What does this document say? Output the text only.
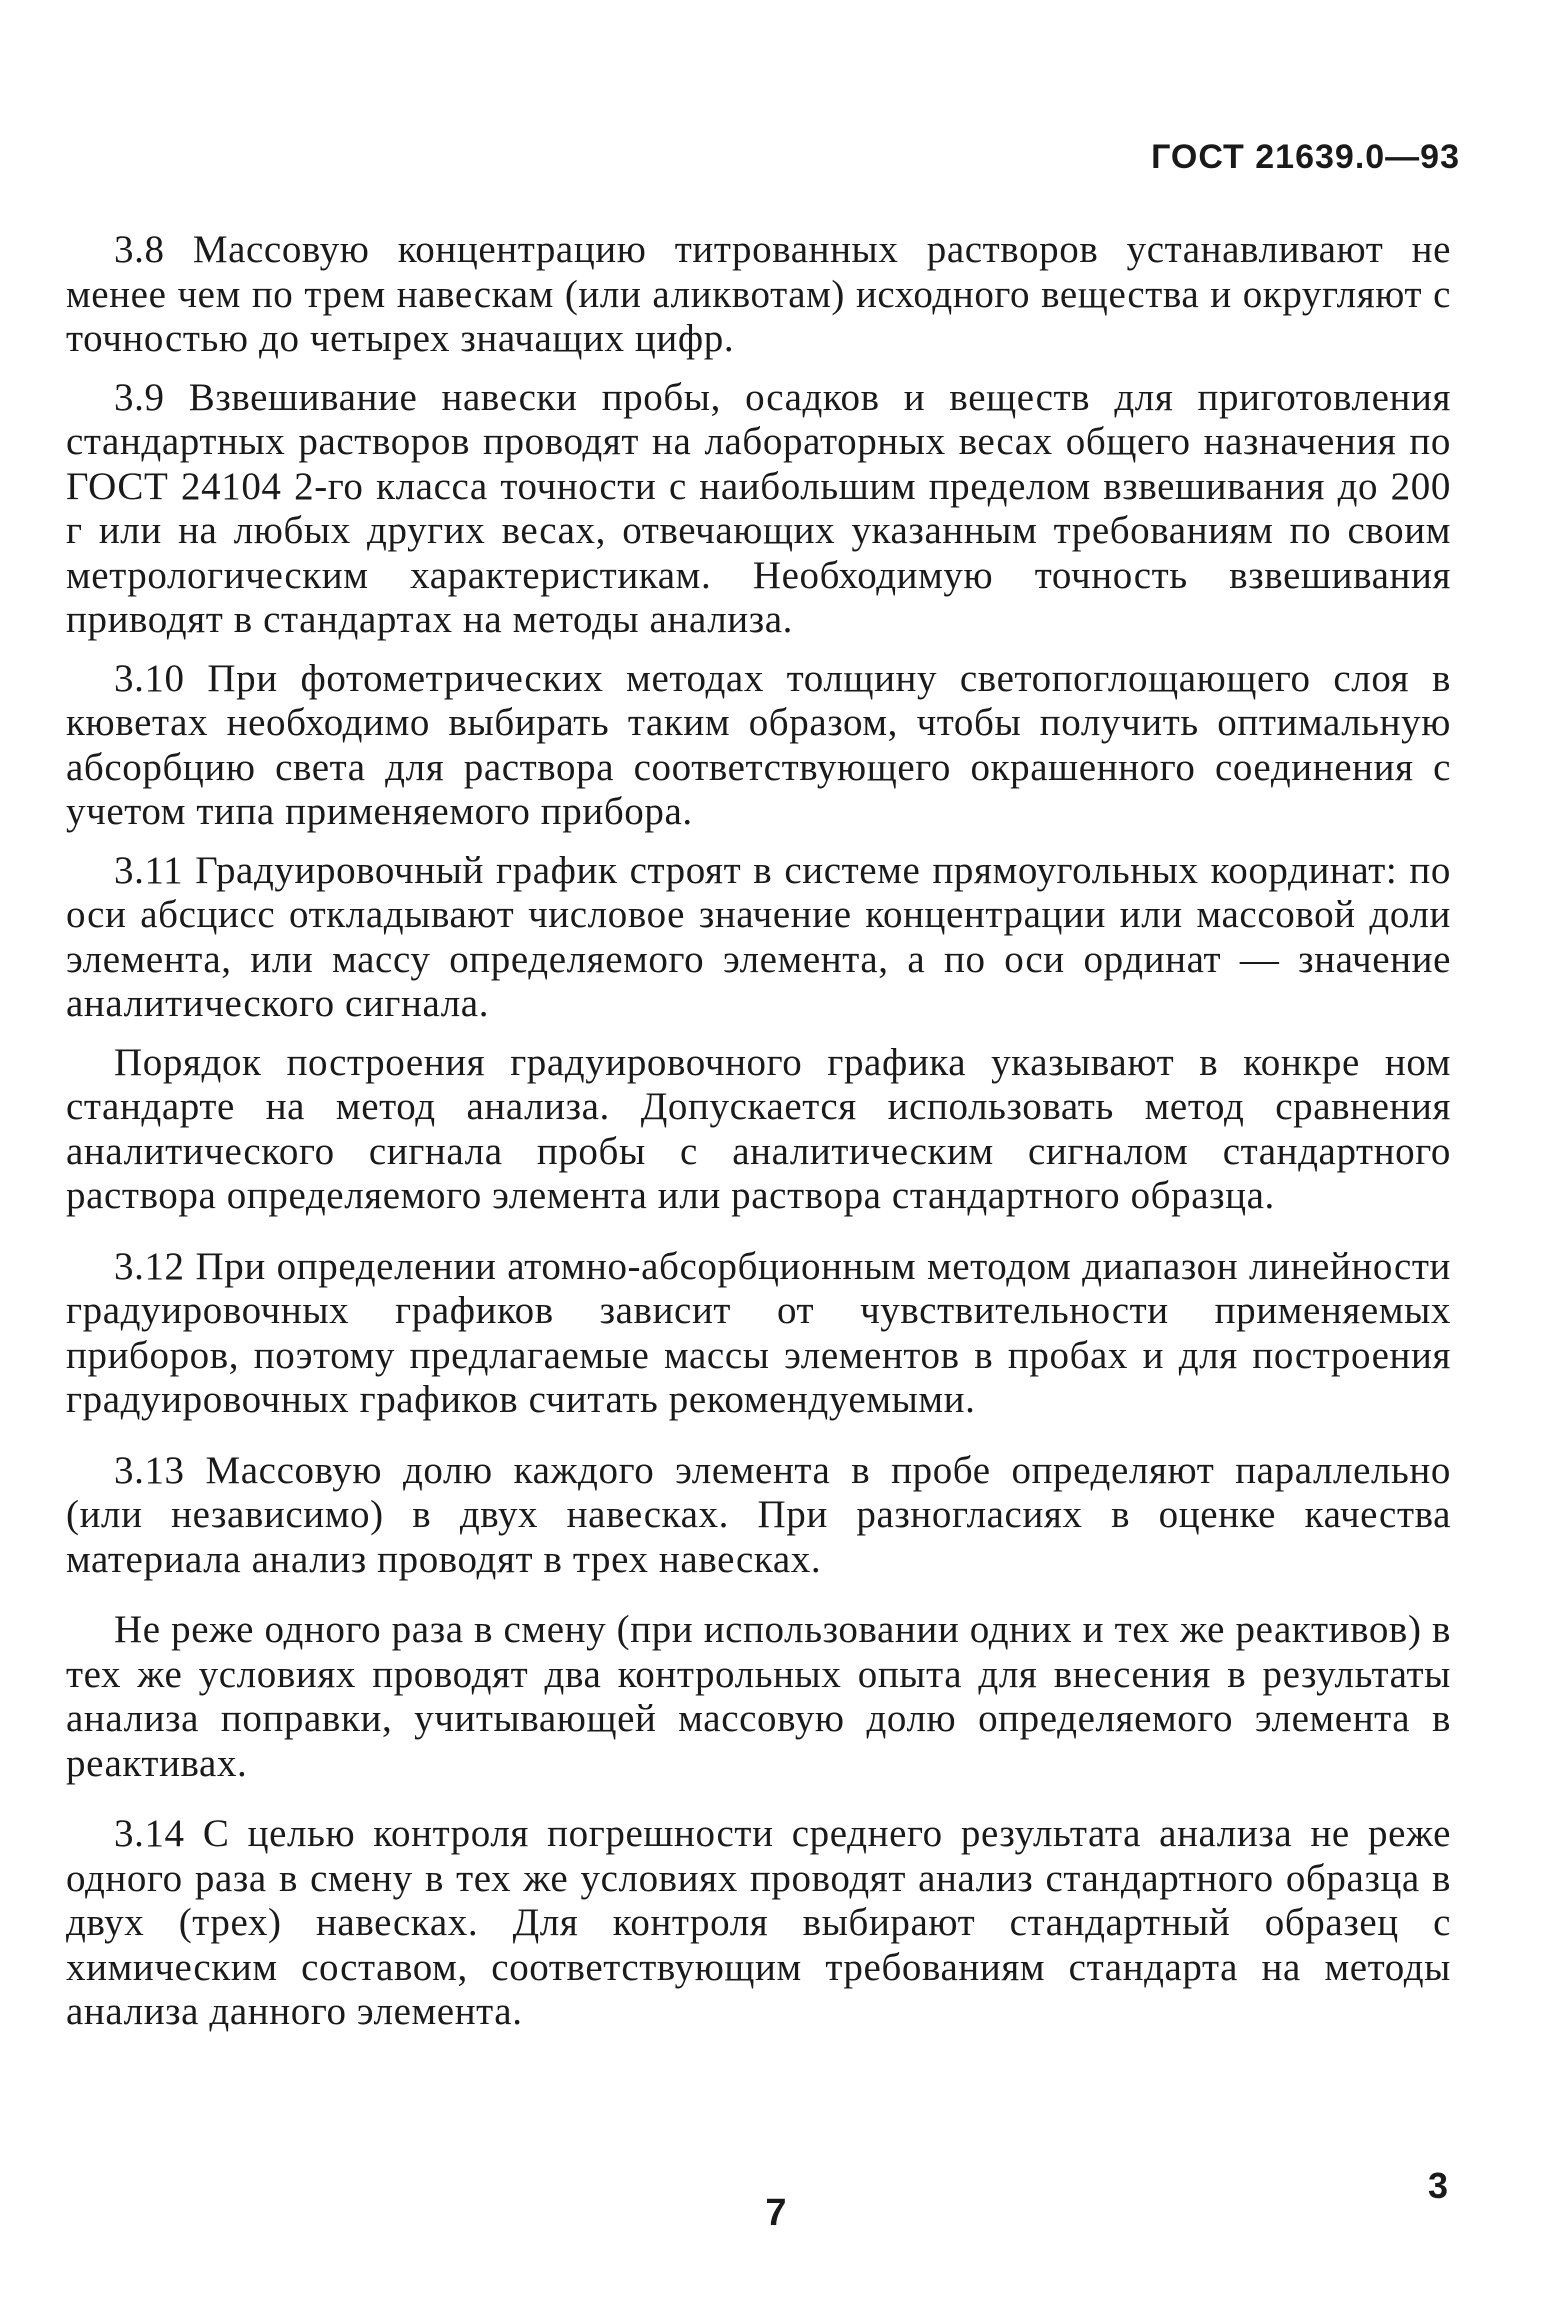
ГОСТ 21639.0—93

3.8 Массовую концентрацию титрованных растворов устанавливают не менее чем по трем навескам (или аликвотам) исходного вещества и округляют с точностью до четырех значащих цифр.

3.9 Взвешивание навески пробы, осадков и веществ для приготовления стандартных растворов проводят на лабораторных весах общего назначения по ГОСТ 24104 2-го класса точности с наибольшим пределом взвешивания до 200 г или на любых других весах, отвечающих указанным требованиям по своим метрологическим характеристикам. Необходимую точность взвешивания приводят в стандартах на методы анализа.

3.10 При фотометрических методах толщину светопоглощающего слоя в кюветах необходимо выбирать таким образом, чтобы получить оптимальную абсорбцию света для раствора соответствующего окрашенного соединения с учетом типа применяемого прибора.

3.11 Градуировочный график строят в системе прямоугольных координат: по оси абсцисс откладывают числовое значение концентрации или массовой доли элемента, или массу определяемого элемента, а по оси ординат — значение аналитического сигнала.

Порядок построения градуировочного графика указывают в конкре ном стандарте на метод анализа. Допускается использовать метод сравнения аналитического сигнала пробы с аналитическим сигналом стандартного раствора определяемого элемента или раствора стандартного образца.

3.12 При определении атомно-абсорбционным методом диапазон линейности градуировочных графиков зависит от чувствительности применяемых приборов, поэтому предлагаемые массы элементов в пробах и для построения градуировочных графиков считать рекомендуемыми.

3.13 Массовую долю каждого элемента в пробе определяют параллельно (или независимо) в двух навесках. При разногласиях в оценке качества материала анализ проводят в трех навесках.

Не реже одного раза в смену (при использовании одних и тех же реактивов) в тех же условиях проводят два контрольных опыта для внесения в результаты анализа поправки, учитывающей массовую долю определяемого элемента в реактивах.

3.14 С целью контроля погрешности среднего результата анализа не реже одного раза в смену в тех же условиях проводят анализ стандартного образца в двух (трех) навесках. Для контроля выбирают стандартный образец с химическим составом, соответствующим требованиям стандарта на методы анализа данного элемента.

7
3
